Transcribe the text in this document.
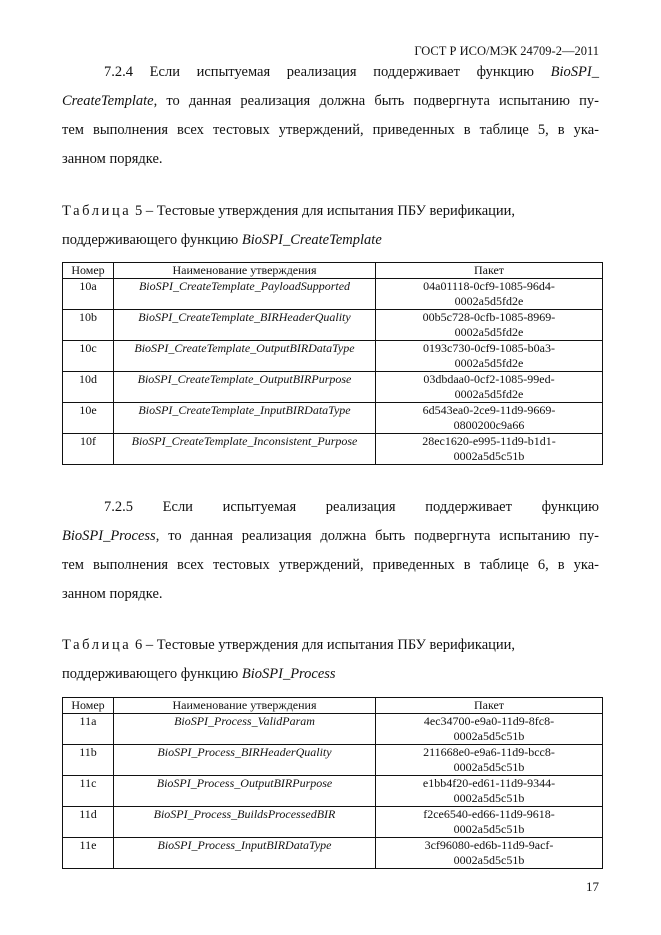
ГОСТ Р ИСО/МЭК 24709-2—2011
7.2.4 Если испытуемая реализация поддерживает функцию BioSPI_
CreateTemplate, то данная реализация должна быть подвергнута испытанию пу-
тем выполнения всех тестовых утверждений, приведенных в таблице 5, в ука-
занном порядке.
Таблица 5 – Тестовые утверждения для испытания ПБУ верификации,
поддерживающего функцию BioSPI_CreateTemplate
Номер	Наименование утверждения	Пакет
10a	BioSPI_CreateTemplate_PayloadSupported	04a01118-0cf9-1085-96d4-
0002a5d5fd2e

10b	BioSPI_CreateTemplate_BIRHeaderQuality	00b5c728-0cfb-1085-8969-
0002a5d5fd2e

10c	BioSPI_CreateTemplate_OutputBIRDataType	0193c730-0cf9-1085-b0a3-
0002a5d5fd2e

10d	BioSPI_CreateTemplate_OutputBIRPurpose	03dbdaa0-0cf2-1085-99ed-
0002a5d5fd2e

10e	BioSPI_CreateTemplate_InputBIRDataType	6d543ea0-2ce9-11d9-9669-
0800200c9a66

10f	BioSPI_CreateTemplate_Inconsistent_Purpose	28ec1620-e995-11d9-b1d1-
0002a5d5c51b
7.2.5 Если испытуемая реализация поддерживает функцию
BioSPI_Process, то данная реализация должна быть подвергнута испытанию пу-
тем выполнения всех тестовых утверждений, приведенных в таблице 6, в ука-
занном порядке.
Таблица 6 – Тестовые утверждения для испытания ПБУ верификации,
поддерживающего функцию BioSPI_Process
Номер	Наименование утверждения	Пакет
11a	BioSPI_Process_ValidParam	4ec34700-e9a0-11d9-8fc8-
0002a5d5c51b

11b	BioSPI_Process_BIRHeaderQuality	211668e0-e9a6-11d9-bcc8-
0002a5d5c51b

11c	BioSPI_Process_OutputBIRPurpose	e1bb4f20-ed61-11d9-9344-
0002a5d5c51b

11d	BioSPI_Process_BuildsProcessedBIR	f2ce6540-ed66-11d9-9618-
0002a5d5c51b

11e	BioSPI_Process_InputBIRDataType	3cf96080-ed6b-11d9-9acf-
0002a5d5c51b
17
